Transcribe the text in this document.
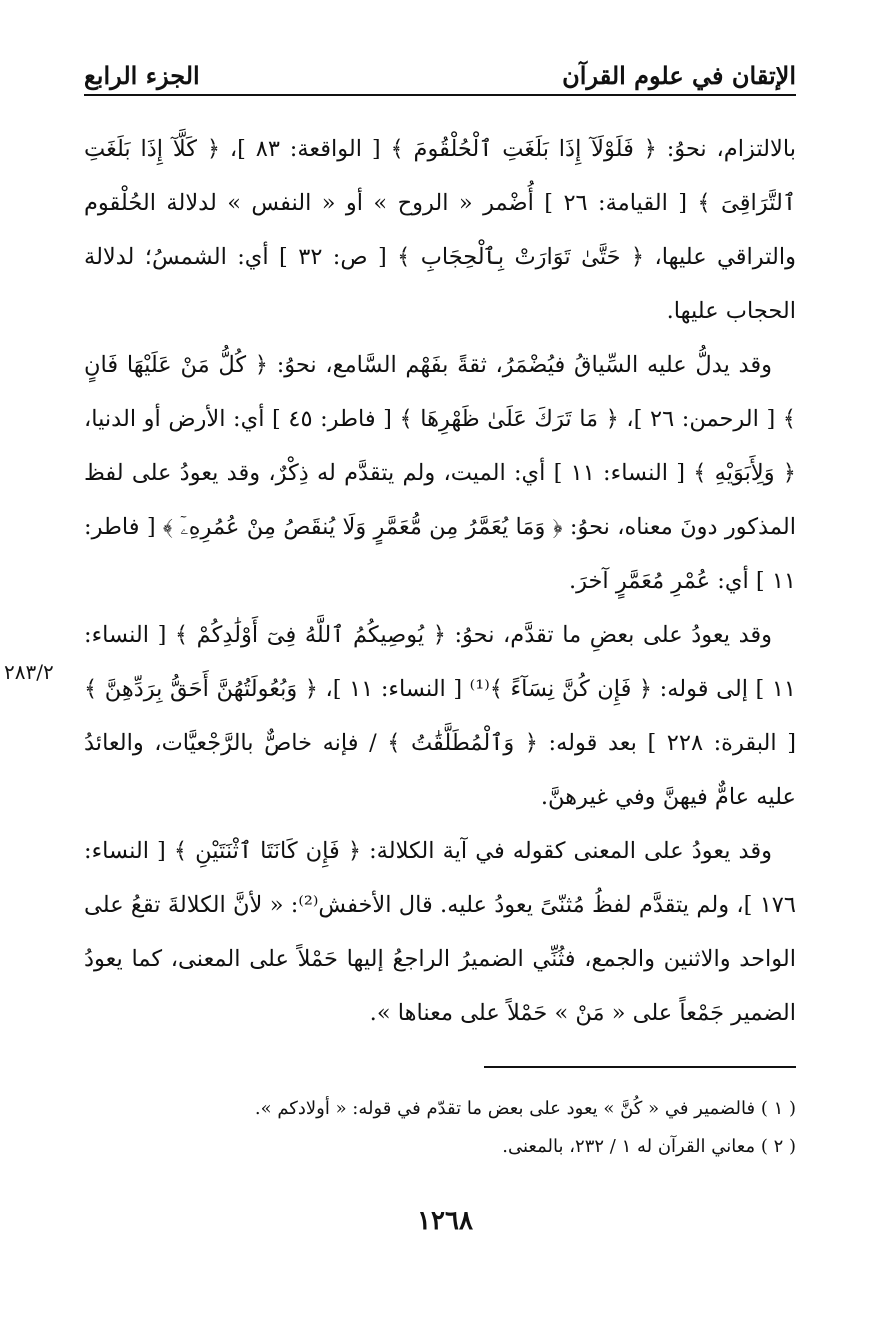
الإتقان في علوم القرآن
الجزء الرابع

بالالتزام، نحوُ: ﴿ فَلَوْلَآ إِذَا بَلَغَتِ ٱلْحُلْقُومَ ﴾ [ الواقعة: ٨٣ ]، ﴿ كَلَّآ إِذَا بَلَغَتِ ٱلتَّرَاقِىَ ﴾ [ القيامة: ٢٦ ] أُضْمر « الروح » أو « النفس » لدلالة الحُلْقوم والتراقي عليها، ﴿ حَتَّىٰ تَوَارَتْ بِٱلْحِجَابِ ﴾ [ ص: ٣٢ ] أي: الشمسُ؛ لدلالة الحجاب عليها.

وقد يدلُّ عليه السِّياقُ فيُضْمَرُ، ثقةً بفَهْم السَّامع، نحوُ: ﴿ كُلُّ مَنْ عَلَيْهَا فَانٍ ﴾ [ الرحمن: ٢٦ ]، ﴿ مَا تَرَكَ عَلَىٰ ظَهْرِهَا ﴾ [ فاطر: ٤٥ ] أي: الأرض أو الدنيا، ﴿ وَلِأَبَوَيْهِ ﴾ [ النساء: ١١ ] أي: الميت، ولم يتقدَّم له ذِكْرٌ، وقد يعودُ على لفظ المذكور دونَ معناه، نحوُ: ﴿ وَمَا يُعَمَّرُ مِن مُّعَمَّرٍ وَلَا يُنقَصُ مِنْ عُمُرِهِۦٓ ﴾ [ فاطر: ١١ ] أي: عُمْرِ مُعَمَّرٍ آخرَ.

وقد يعودُ على بعضِ ما تقدَّم، نحوُ: ﴿ يُوصِيكُمُ ٱللَّهُ فِىٓ أَوْلَٰدِكُمْ ﴾ [ النساء: ١١ ] إلى قوله: ﴿ فَإِن كُنَّ نِسَآءً ﴾⁽¹⁾ [ النساء: ١١ ]، ﴿ وَبُعُولَتُهُنَّ أَحَقُّ بِرَدِّهِنَّ ﴾ [ البقرة: ٢٢٨ ] بعد قوله: ﴿ وَٱلْمُطَلَّقَٰتُ ﴾ / فإنه خاصٌّ بالرَّجْعيَّات، والعائدُ عليه عامٌّ فيهنَّ وفي غيرهنَّ.

وقد يعودُ على المعنى كقوله في آية الكلالة: ﴿ فَإِن كَانَتَا ٱثْنَتَيْنِ ﴾ [ النساء: ١٧٦ ]، ولم يتقدَّم لفظُ مُثنّىً يعودُ عليه. قال الأخفش⁽²⁾: « لأنَّ الكلالةَ تقعُ على الواحد والاثنين والجمع، فثُنِّي الضميرُ الراجعُ إليها حَمْلاً على المعنى، كما يعودُ الضمير جَمْعاً على « مَنْ » حَمْلاً على معناها ».

٢٨٣/٢

( ١ ) فالضمير في « كُنَّ » يعود على بعض ما تقدّم في قوله: « أولادكم ».

( ٢ ) معاني القرآن له ١ / ٢٣٢، بالمعنى.

١٢٦٨
